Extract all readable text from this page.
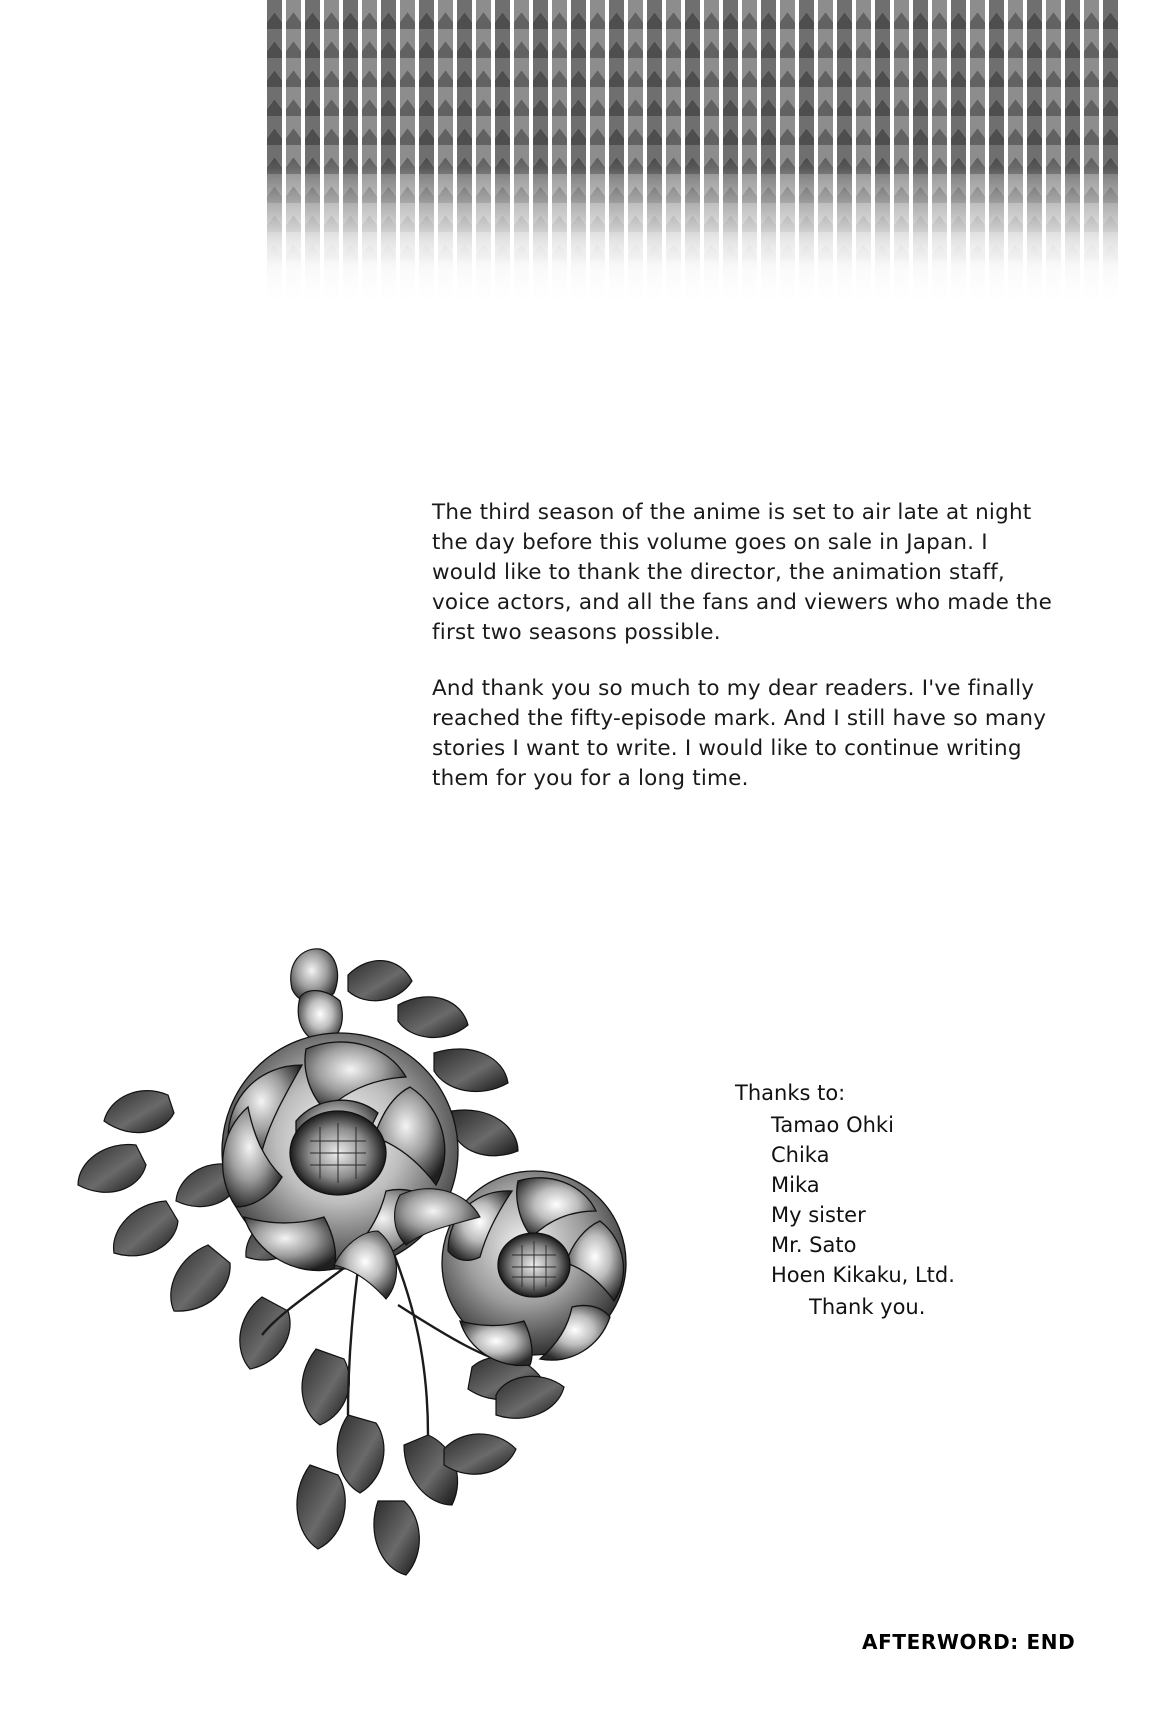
The third season of the anime is set to air late at night the day before this volume goes on sale in Japan. I would like to thank the director, the animation staff, voice actors, and all the fans and viewers who made the first two seasons possible.

And thank you so much to my dear readers. I've finally reached the fifty-episode mark. And I still have so many stories I want to write. I would like to continue writing them for you for a long time.

Thanks to:
Tamao Ohki
Chika
Mika
My sister
Mr. Sato
Hoen Kikaku, Ltd.
Thank you.
AFTERWORD: END
